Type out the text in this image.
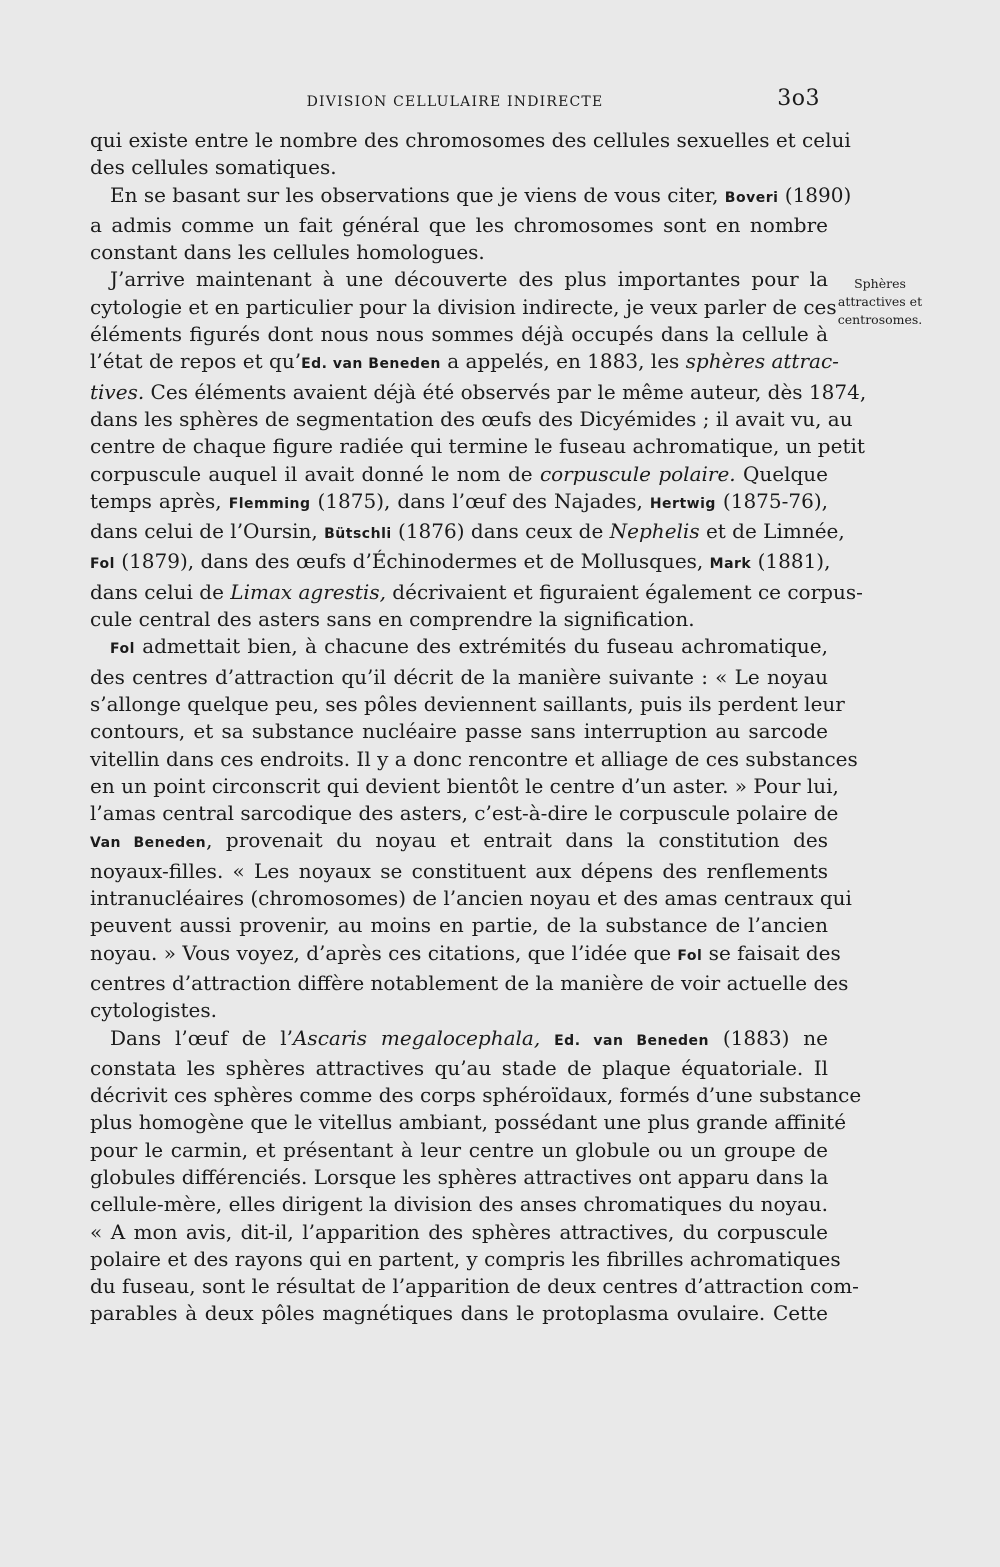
DIVISION CELLULAIRE INDIRECTE	3o3
Sphères
attractives et
centrosomes.

qui existe entre le nombre des chromosomes des cellules sexuelles et celui
des cellules somatiques.

En se basant sur les observations que je viens de vous citer, Boveri (1890)
a admis comme un fait général que les chromosomes sont en nombre
constant dans les cellules homologues.

J’arrive maintenant à une découverte des plus importantes pour la
cytologie et en particulier pour la division indirecte, je veux parler de ces
éléments figurés dont nous nous sommes déjà occupés dans la cellule à
l’état de repos et qu’Ed. van Beneden a appelés, en 1883, les sphères attrac-
tives. Ces éléments avaient déjà été observés par le même auteur, dès 1874,
dans les sphères de segmentation des œufs des Dicyémides ; il avait vu, au
centre de chaque figure radiée qui termine le fuseau achromatique, un petit
corpuscule auquel il avait donné le nom de corpuscule polaire. Quelque
temps après, Flemming (1875), dans l’œuf des Najades, Hertwig (1875-76),
dans celui de l’Oursin, Bütschli (1876) dans ceux de Nephelis et de Limnée,
Fol (1879), dans des œufs d’Échinodermes et de Mollusques, Mark (1881),
dans celui de Limax agrestis, décrivaient et figuraient également ce corpus-
cule central des asters sans en comprendre la signification.

Fol admettait bien, à chacune des extrémités du fuseau achromatique,
des centres d’attraction qu’il décrit de la manière suivante : « Le noyau
s’allonge quelque peu, ses pôles deviennent saillants, puis ils perdent leur
contours, et sa substance nucléaire passe sans interruption au sarcode
vitellin dans ces endroits. Il y a donc rencontre et alliage de ces substances
en un point circonscrit qui devient bientôt le centre d’un aster. » Pour lui,
l’amas central sarcodique des asters, c’est-à-dire le corpuscule polaire de
Van Beneden, provenait du noyau et entrait dans la constitution des
noyaux-filles. « Les noyaux se constituent aux dépens des renflements
intranucléaires (chromosomes) de l’ancien noyau et des amas centraux qui
peuvent aussi provenir, au moins en partie, de la substance de l’ancien
noyau. » Vous voyez, d’après ces citations, que l’idée que Fol se faisait des
centres d’attraction diffère notablement de la manière de voir actuelle des
cytologistes.

Dans l’œuf de l’Ascaris megalocephala, Ed. van Beneden (1883) ne
constata les sphères attractives qu’au stade de plaque équatoriale. Il
décrivit ces sphères comme des corps sphéroïdaux, formés d’une substance
plus homogène que le vitellus ambiant, possédant une plus grande affinité
pour le carmin, et présentant à leur centre un globule ou un groupe de
globules différenciés. Lorsque les sphères attractives ont apparu dans la
cellule-mère, elles dirigent la division des anses chromatiques du noyau.
« A mon avis, dit-il, l’apparition des sphères attractives, du corpuscule
polaire et des rayons qui en partent, y compris les fibrilles achromatiques
du fuseau, sont le résultat de l’apparition de deux centres d’attraction com-
parables à deux pôles magnétiques dans le protoplasma ovulaire. Cette
